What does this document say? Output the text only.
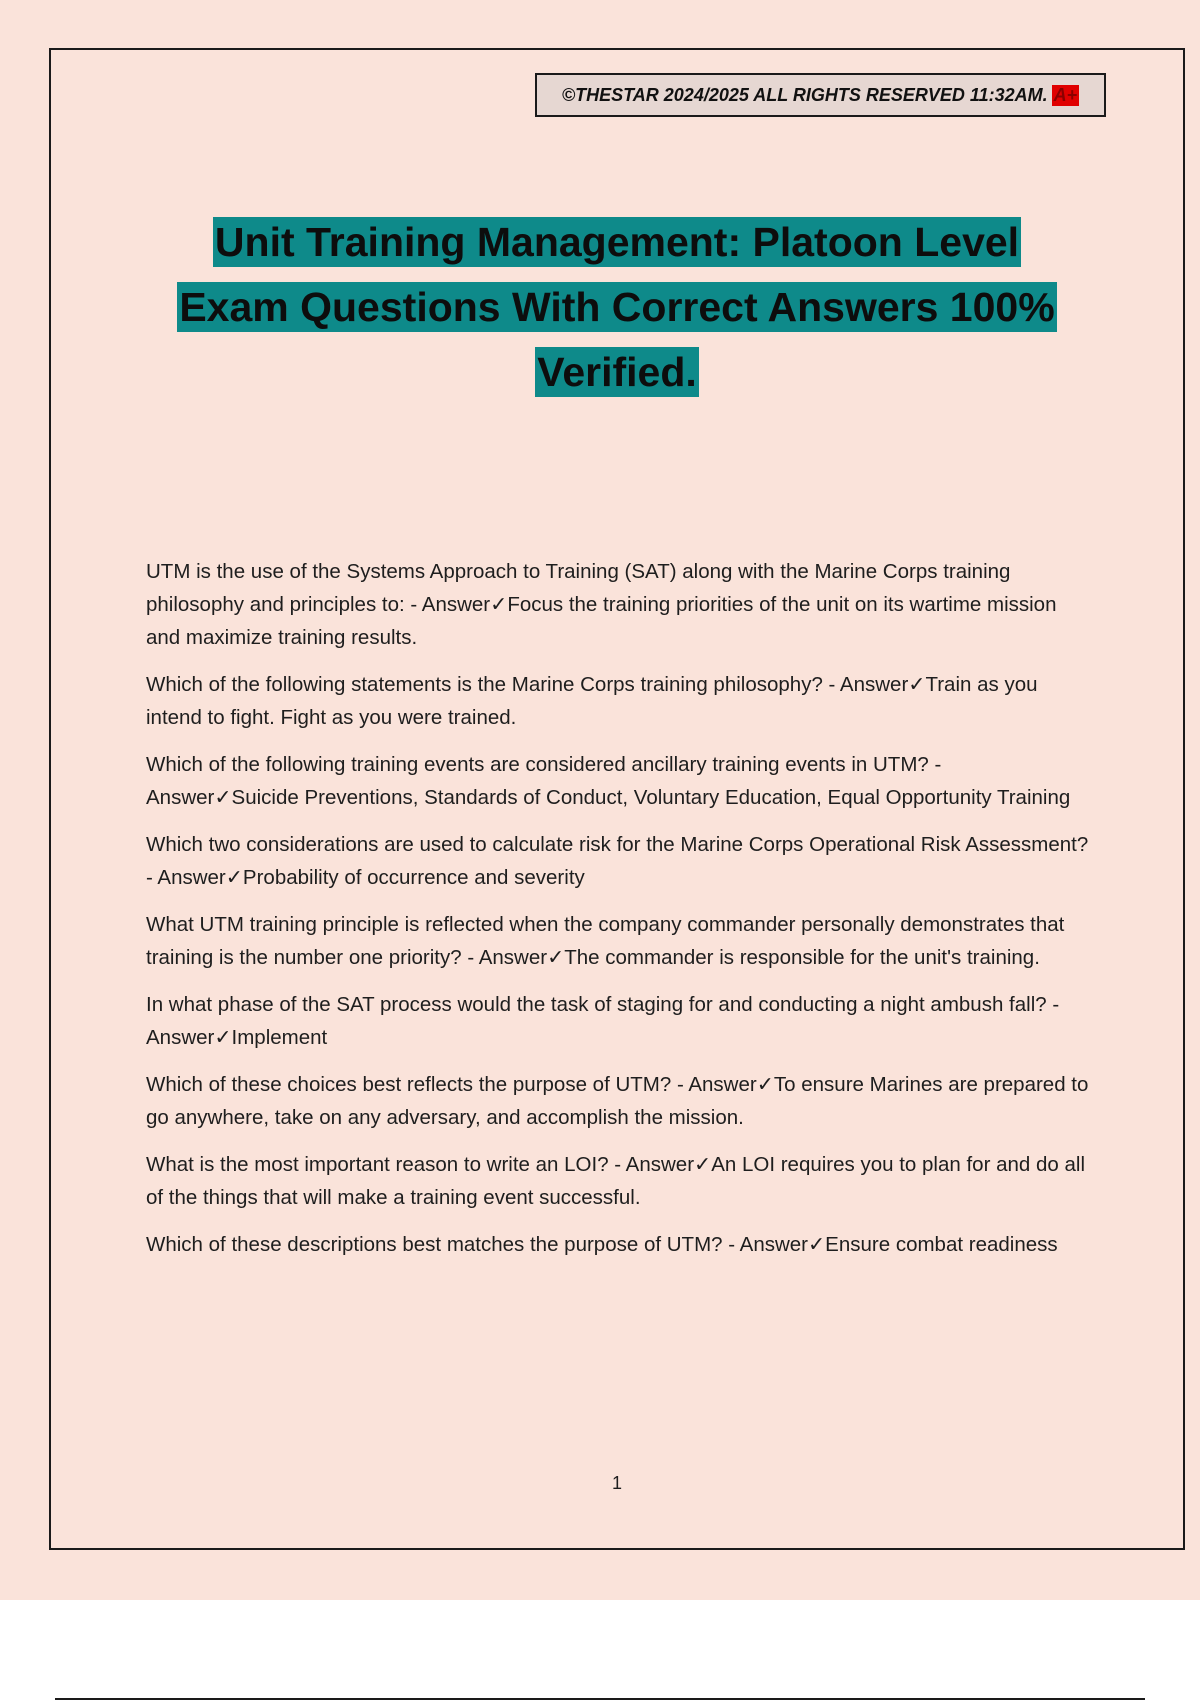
©THESTAR 2024/2025 ALL RIGHTS RESERVED 11:32AM. A+
Unit Training Management: Platoon Level
Exam Questions With Correct Answers 100%
Verified.

UTM is the use of the Systems Approach to Training (SAT) along with the Marine Corps training philosophy and principles to: - Answer✓Focus the training priorities of the unit on its wartime mission and maximize training results.

Which of the following statements is the Marine Corps training philosophy? - Answer✓Train as you intend to fight. Fight as you were trained.

Which of the following training events are considered ancillary training events in UTM? - Answer✓Suicide Preventions, Standards of Conduct, Voluntary Education, Equal Opportunity Training

Which two considerations are used to calculate risk for the Marine Corps Operational Risk Assessment? - Answer✓Probability of occurrence and severity

What UTM training principle is reflected when the company commander personally demonstrates that training is the number one priority? - Answer✓The commander is responsible for the unit's training.

In what phase of the SAT process would the task of staging for and conducting a night ambush fall? - Answer✓Implement

Which of these choices best reflects the purpose of UTM? - Answer✓To ensure Marines are prepared to go anywhere, take on any adversary, and accomplish the mission.

What is the most important reason to write an LOI? - Answer✓An LOI requires you to plan for and do all of the things that will make a training event successful.

Which of these descriptions best matches the purpose of UTM? - Answer✓Ensure combat readiness

1
